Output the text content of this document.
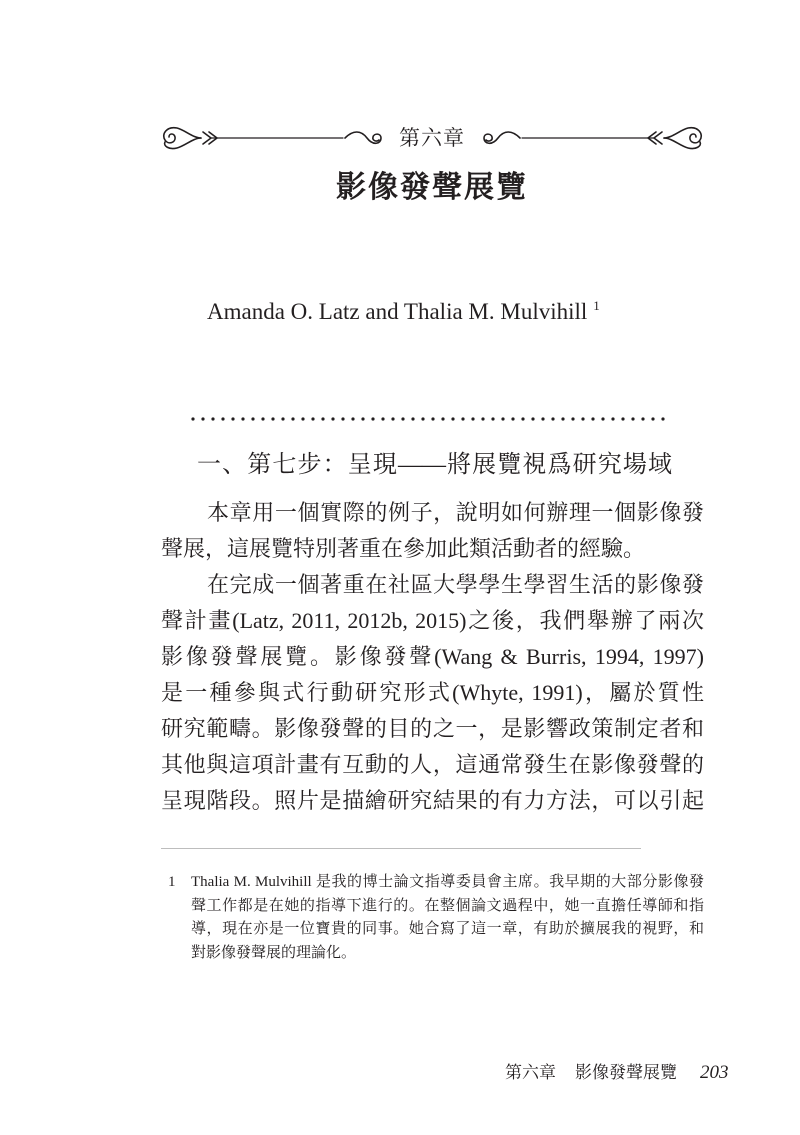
第六章
影像發聲展覽
Amanda O. Latz and Thalia M. Mulvihill $^1$
一、第七步：呈現——將展覽視爲研究場域
本章用一個實際的例子，說明如何辦理一個影像發
聲展，這展覽特別著重在參加此類活動者的經驗。
在完成一個著重在社區大學學生學習生活的影像發
聲計畫(Latz, 2011, 2012b, 2015)之後，我們舉辦了兩次
影像發聲展覽。影像發聲(Wang & Burris, 1994, 1997)
是一種參與式行動研究形式(Whyte, 1991)，屬於質性
研究範疇。影像發聲的目的之一，是影響政策制定者和
其他與這項計畫有互動的人，這通常發生在影像發聲的
呈現階段。照片是描繪研究結果的有力方法，可以引起
1 Thalia M. Mulvihill 是我的博士論文指導委員會主席。我早期的大部分影像發
聲工作都是在她的指導下進行的。在整個論文過程中，她一直擔任導師和指
導，現在亦是一位寶貴的同事。她合寫了這一章，有助於擴展我的視野，和
對影像發聲展的理論化。
第六章 影像發聲展覽 203
